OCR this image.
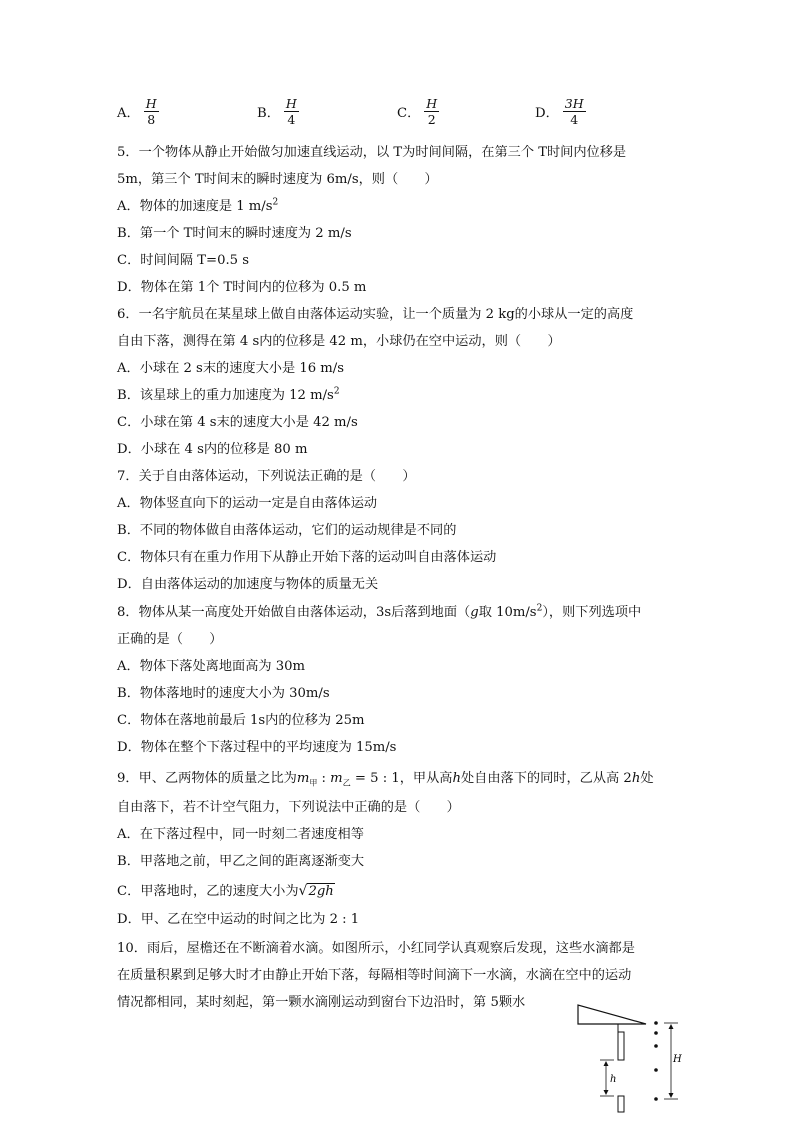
A． $\frac{H}{8}$	B． $\frac{H}{4}$	C． $\frac{H}{2}$	D． $\frac{3H}{4}$
5．一个物体从静止开始做匀加速直线运动，以 T为时间间隔，在第三个 T时间内位移是
5m，第三个 T时间末的瞬时速度为 6m/s，则（　　）
A．物体的加速度是 1 $m/s^2$
B．第一个 T时间末的瞬时速度为 2 m/s
C．时间间隔 T=0.5 s
D．物体在第 1个 T时间内的位移为 0.5 m
6．一名宇航员在某星球上做自由落体运动实验，让一个质量为 2 kg的小球从一定的高度
自由下落，测得在第 4 s内的位移是 42 m，小球仍在空中运动，则（　　）
A．小球在 2 s末的速度大小是 16 m/s
B．该星球上的重力加速度为 12 $m/s^2$
C．小球在第 4 s末的速度大小是 42 m/s
D．小球在 4 s内的位移是 80 m
7．关于自由落体运动，下列说法正确的是（　　）
A．物体竖直向下的运动一定是自由落体运动
B．不同的物体做自由落体运动，它们的运动规律是不同的
C．物体只有在重力作用下从静止开始下落的运动叫自由落体运动
D．自由落体运动的加速度与物体的质量无关
8．物体从某一高度处开始做自由落体运动，3s后落到地面（g取 $10m/s^2$），则下列选项中
正确的是（　　）
A．物体下落处离地面高为 30m
B．物体落地时的速度大小为 30m/s
C．物体在落地前最后 1s内的位移为 25m
D．物体在整个下落过程中的平均速度为 15m/s
9．甲、乙两物体的质量之比为$m_甲$ : $m_乙 = 5$ : 1，甲从高h处自由落下的同时，乙从高 2h处
自由落下，若不计空气阻力，下列说法中正确的是（　　）
A．在下落过程中，同一时刻二者速度相等
B．甲落地之前，甲乙之间的距离逐渐变大
C．甲落地时，乙的速度大小为√2gh
D．甲、乙在空中运动的时间之比为 2 : 1
10．雨后，屋檐还在不断滴着水滴。如图所示，小红同学认真观察后发现，这些水滴都是
在质量积累到足够大时才由静止开始下落，每隔相等时间滴下一水滴，水滴在空中的运动
情况都相同，某时刻起，第一颗水滴刚运动到窗台下边沿时，第 5颗水
h
H
